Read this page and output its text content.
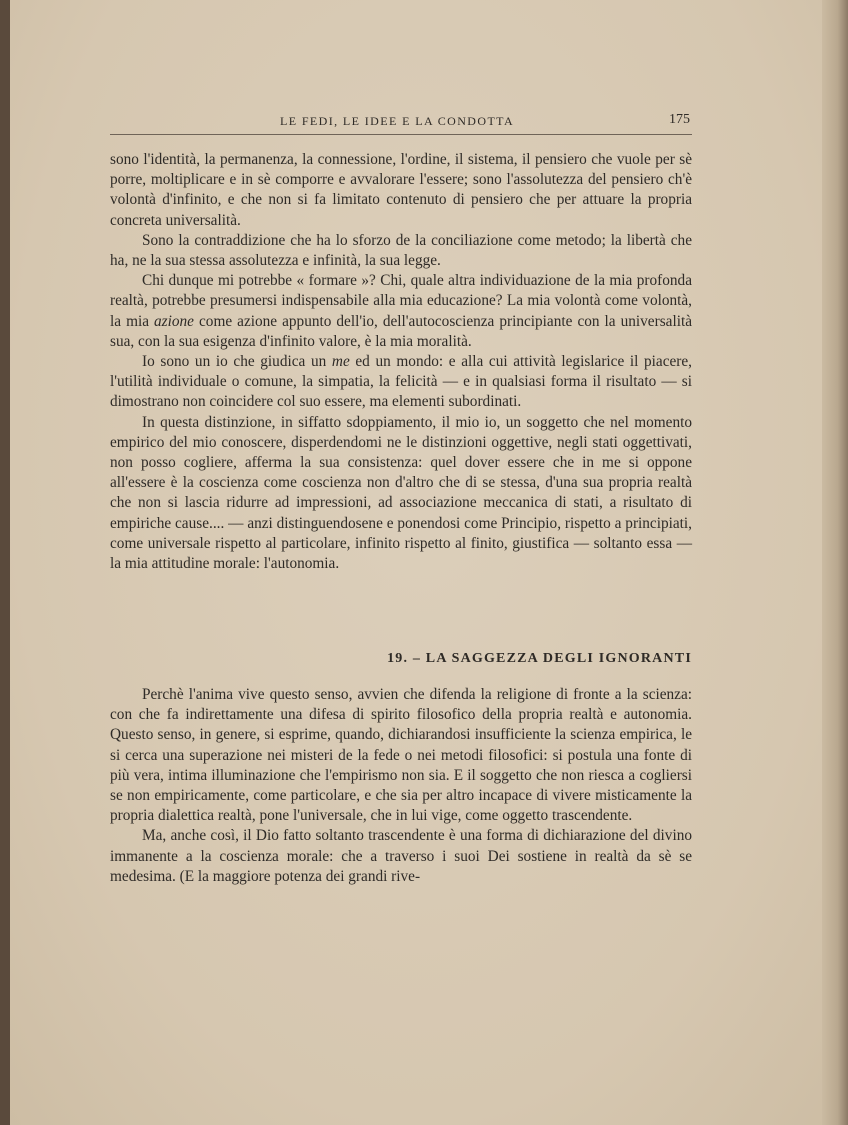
LE FEDI, LE IDEE E LA CONDOTTA	175

sono l'identità, la permanenza, la connessione, l'ordine, il sistema, il pensiero che vuole per sè porre, moltiplicare e in sè comporre e avvalorare l'essere; sono l'assolutezza del pensiero ch'è volontà d'infinito, e che non si fa limitato contenuto di pensiero che per attuare la propria concreta universalità.

Sono la contraddizione che ha lo sforzo de la conciliazione come metodo; la libertà che ha, ne la sua stessa assolutezza e infinità, la sua legge.

Chi dunque mi potrebbe « formare »? Chi, quale altra individuazione de la mia profonda realtà, potrebbe presumersi indispensabile alla mia educazione? La mia volontà come volontà, la mia azione come azione appunto dell'io, dell'autocoscienza principiante con la universalità sua, con la sua esigenza d'infinito valore, è la mia moralità.

Io sono un io che giudica un me ed un mondo: e alla cui attività legislarice il piacere, l'utilità individuale o comune, la simpatia, la felicità — e in qualsiasi forma il risultato — si dimostrano non coincidere col suo essere, ma elementi subordinati.

In questa distinzione, in siffatto sdoppiamento, il mio io, un soggetto che nel momento empirico del mio conoscere, disperdendomi ne le distinzioni oggettive, negli stati oggettivati, non posso cogliere, afferma la sua consistenza: quel dover essere che in me si oppone all'essere è la coscienza come coscienza non d'altro che di se stessa, d'una sua propria realtà che non si lascia ridurre ad impressioni, ad associazione meccanica di stati, a risultato di empiriche cause.... — anzi distinguendosene e ponendosi come Principio, rispetto a principiati, come universale rispetto al particolare, infinito rispetto al finito, giustifica — soltanto essa — la mia attitudine morale: l'autonomia.

19. – LA SAGGEZZA DEGLI IGNORANTI

Perchè l'anima vive questo senso, avvien che difenda la religione di fronte a la scienza: con che fa indirettamente una difesa di spirito filosofico della propria realtà e autonomia. Questo senso, in genere, si esprime, quando, dichiarandosi insufficiente la scienza empirica, le si cerca una superazione nei misteri de la fede o nei metodi filosofici: si postula una fonte di più vera, intima illuminazione che l'empirismo non sia. E il soggetto che non riesca a cogliersi se non empiricamente, come particolare, e che sia per altro incapace di vivere misticamente la propria dialettica realtà, pone l'universale, che in lui vige, come oggetto trascendente.

Ma, anche così, il Dio fatto soltanto trascendente è una forma di dichiarazione del divino immanente a la coscienza morale: che a traverso i suoi Dei sostiene in realtà da sè se medesima. (E la maggiore potenza dei grandi rive-
